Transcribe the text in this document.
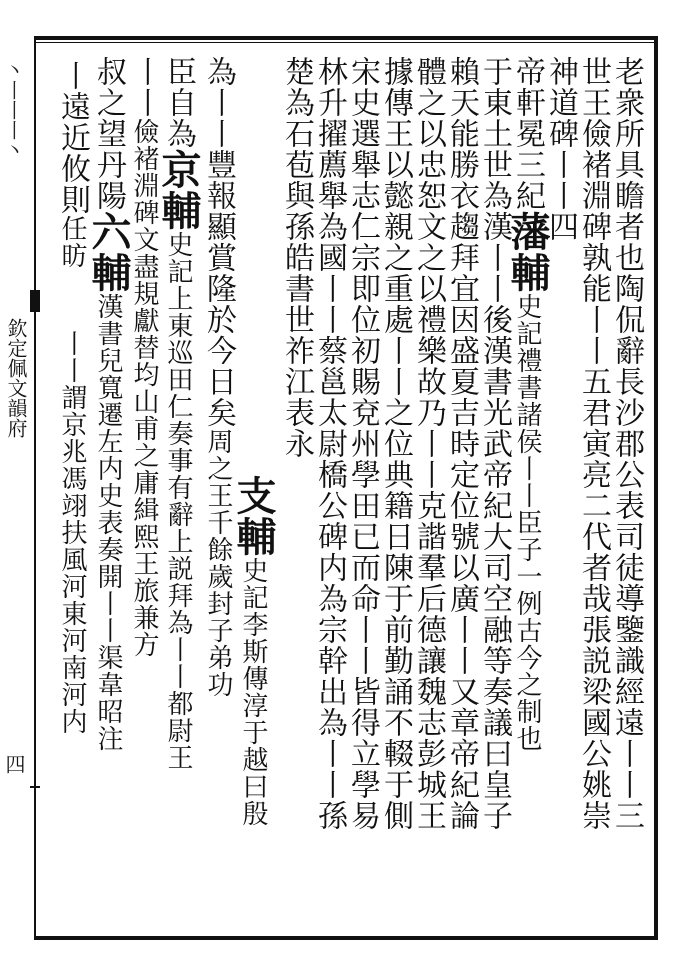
丶丨丨丨丶
欽定佩文韻府
四	老衆所具瞻者也陶侃辭長沙郡公表司徒導鑒識經遠丨丨三
世王儉褚淵碑孰能丨丨五君寅亮二代者哉張説梁國公姚崇
神道碑丨丨四
帝軒冕三紀藩輔史記禮書諸侯丨丨臣子一例古今之制也
于東土世為漢丨丨後漢書光武帝紀大司空融等奏議曰皇子
賴天能勝衣趨拜宜因盛夏吉時定位號以廣丨丨又章帝紀論
體之以忠恕文之以禮樂故乃丨丨克諧羣后德讓魏志彭城王
據傳王以懿親之重處丨丨之位典籍日陳于前勤誦不輟于側
宋史選舉志仁宗即位初賜兗州學田已而命丨丨皆得立學易
林升擢薦舉為國丨丨蔡邕太尉橋公碑内為宗幹出為丨丨孫
楚為石苞與孫皓書世祚江表永
支輔史記李斯傳淳于越曰殷
為丨丨豐報顯賞隆於今日矣周之王千餘歲封子弟功
臣自為京輔史記上東巡田仁奏事有辭上説拜為丨丨都尉王
丨丨儉褚淵碑文盡規獻替均山甫之庸緝熙王旅兼方
叔之望丹陽六輔漢書兒寬遷左内史表奏開丨丨渠韋昭注
丨丨謂京兆馮翊扶風河東河南河内
丨遠近攸則任昉
